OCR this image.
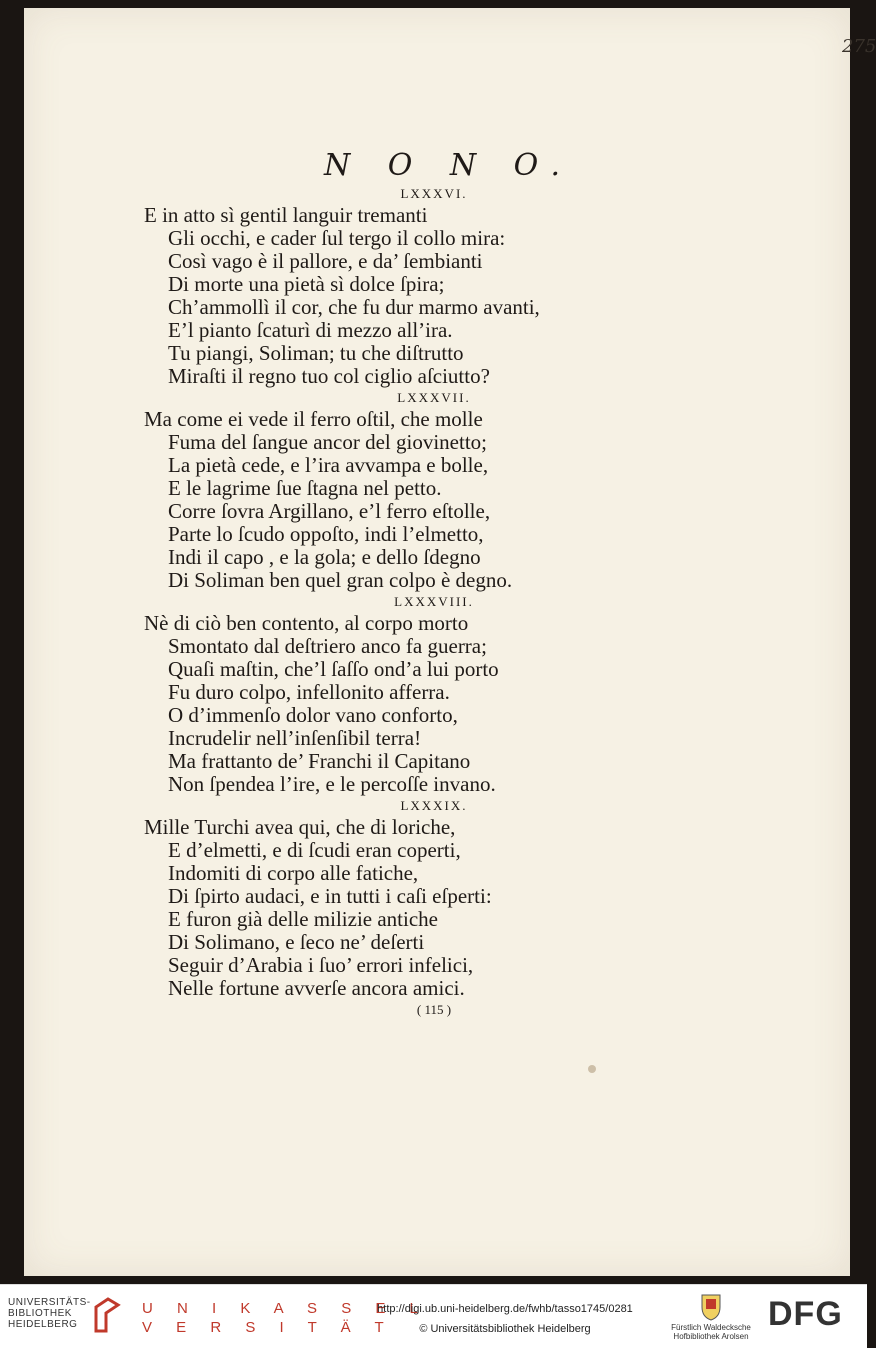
275
N O N O.
LXXXVI.
E in atto sì gentil languir tremanti
Gli occhi, e cader ſul tergo il collo mira:
Così vago è il pallore, e da’ ſembianti
Di morte una pietà sì dolce ſpira;
Ch’ammollì il cor, che fu dur marmo avanti,
E’l pianto ſcaturì di mezzo all’ira.
Tu piangi, Soliman; tu che diſtrutto
Miraſti il regno tuo col ciglio aſciutto?
LXXXVII.
Ma come ei vede il ferro oſtil, che molle
Fuma del ſangue ancor del giovinetto;
La pietà cede, e l’ira avvampa e bolle,
E le lagrime ſue ſtagna nel petto.
Corre ſovra Argillano, e’l ferro eſtolle,
Parte lo ſcudo oppoſto, indi l’elmetto,
Indi il capo , e la gola; e dello ſdegno
Di Soliman ben quel gran colpo è degno.
LXXXVIII.
Nè di ciò ben contento, al corpo morto
Smontato dal deſtriero anco fa guerra;
Quaſi maſtin, che’l ſaſſo ond’a lui porto
Fu duro colpo, infellonito afferra.
O d’immenſo dolor vano conforto,
Incrudelir nell’inſenſibil terra!
Ma frattanto de’ Franchi il Capitano
Non ſpendea l’ire, e le percoſſe invano.
LXXXIX.
Mille Turchi avea qui, che di loriche,
E d’elmetti, e di ſcudi eran coperti,
Indomiti di corpo alle fatiche,
Di ſpirto audaci, e in tutti i caſi eſperti:
E furon già delle milizie antiche
Di Solimano, e ſeco ne’ deſerti
Seguir d’Arabia i ſuo’ errori infelici,
Nelle fortune avverſe ancora amici.
( 115 )
UNIVERSITÄTS-
BIBLIOTHEK
HEIDELBERG
U N I K A S S E L
V E R S I T Ä T
http://digi.ub.uni-heidelberg.de/fwhb/tasso1745/0281
© Universitätsbibliothek Heidelberg	Fürstlich Waldecksche
Hofbibliothek Arolsen
DFG
